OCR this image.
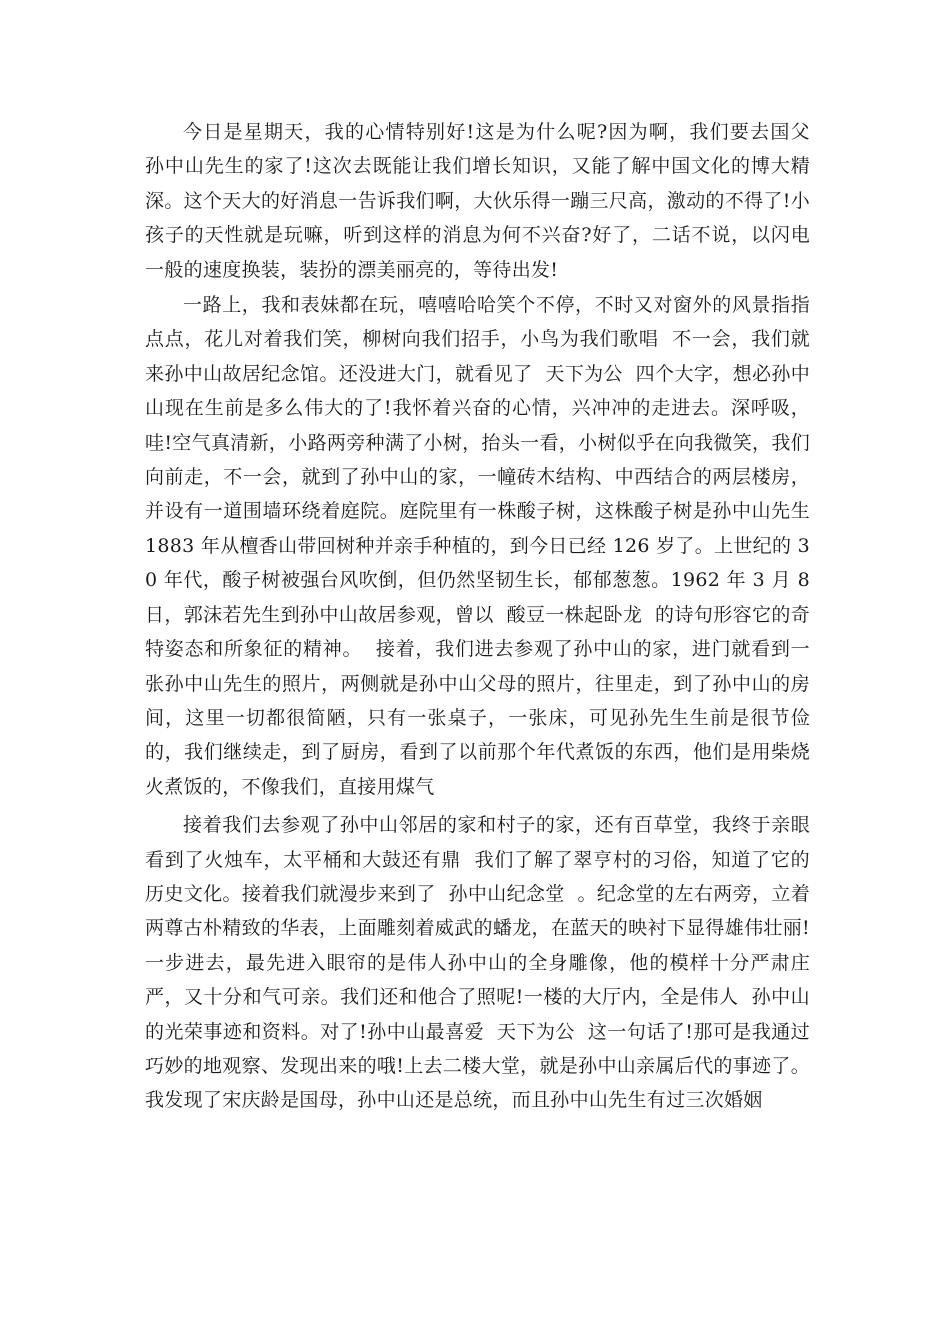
今日是星期天，我的心情特别好!这是为什么呢?因为啊，我们要去国父  孙中山先生的家了!这次去既能让我们增长知识，又能了解中国文化的博大精深。这个天大的好消息一告诉我们啊，大伙乐得一蹦三尺高，激动的不得了!小孩子的天性就是玩嘛，听到这样的消息为何不兴奋?好了，二话不说，以闪电一般的速度换装，装扮的漂美丽亮的，等待出发!

一路上，我和表妹都在玩，嘻嘻哈哈笑个不停，不时又对窗外的风景指指点点，花儿对着我们笑，柳树向我们招手，小鸟为我们歌唱  不一会，我们就来孙中山故居纪念馆。还没进大门，就看见了  天下为公  四个大字，想必孙中山现在生前是多么伟大的了!我怀着兴奋的心情，兴冲冲的走进去。深呼吸，哇!空气真清新，小路两旁种满了小树，抬头一看，小树似乎在向我微笑，我们向前走，不一会，就到了孙中山的家，一幢砖木结构、中西结合的两层楼房，并设有一道围墙环绕着庭院。庭院里有一株酸子树，这株酸子树是孙中山先生 1883 年从檀香山带回树种并亲手种植的，到今日已经 126 岁了。上世纪的 30 年代，酸子树被强台风吹倒，但仍然坚韧生长，郁郁葱葱。1962 年 3 月 8 日，郭沫若先生到孙中山故居参观，曾以  酸豆一株起卧龙  的诗句形容它的奇特姿态和所象征的精神。  接着，我们进去参观了孙中山的家，进门就看到一张孙中山先生的照片，两侧就是孙中山父母的照片，往里走，到了孙中山的房间，这里一切都很简陋，只有一张桌子，一张床，可见孙先生生前是很节俭的，我们继续走，到了厨房，看到了以前那个年代煮饭的东西，他们是用柴烧火煮饭的，不像我们，直接用煤气

接着我们去参观了孙中山邻居的家和村子的家，还有百草堂，我终于亲眼看到了火烛车，太平桶和大鼓还有鼎  我们了解了翠亨村的习俗，知道了它的历史文化。接着我们就漫步来到了  孙中山纪念堂  。纪念堂的左右两旁，立着两尊古朴精致的华表，上面雕刻着威武的蟠龙，在蓝天的映衬下显得雄伟壮丽!一步进去，最先进入眼帘的是伟人孙中山的全身雕像，他的模样十分严肃庄严，又十分和气可亲。我们还和他合了照呢!一楼的大厅内，全是伟人  孙中山的光荣事迹和资料。对了!孙中山最喜爱  天下为公  这一句话了!那可是我通过巧妙的地观察、发现出来的哦!上去二楼大堂，就是孙中山亲属后代的事迹了。我发现了宋庆龄是国母，孙中山还是总统，而且孙中山先生有过三次婚姻
